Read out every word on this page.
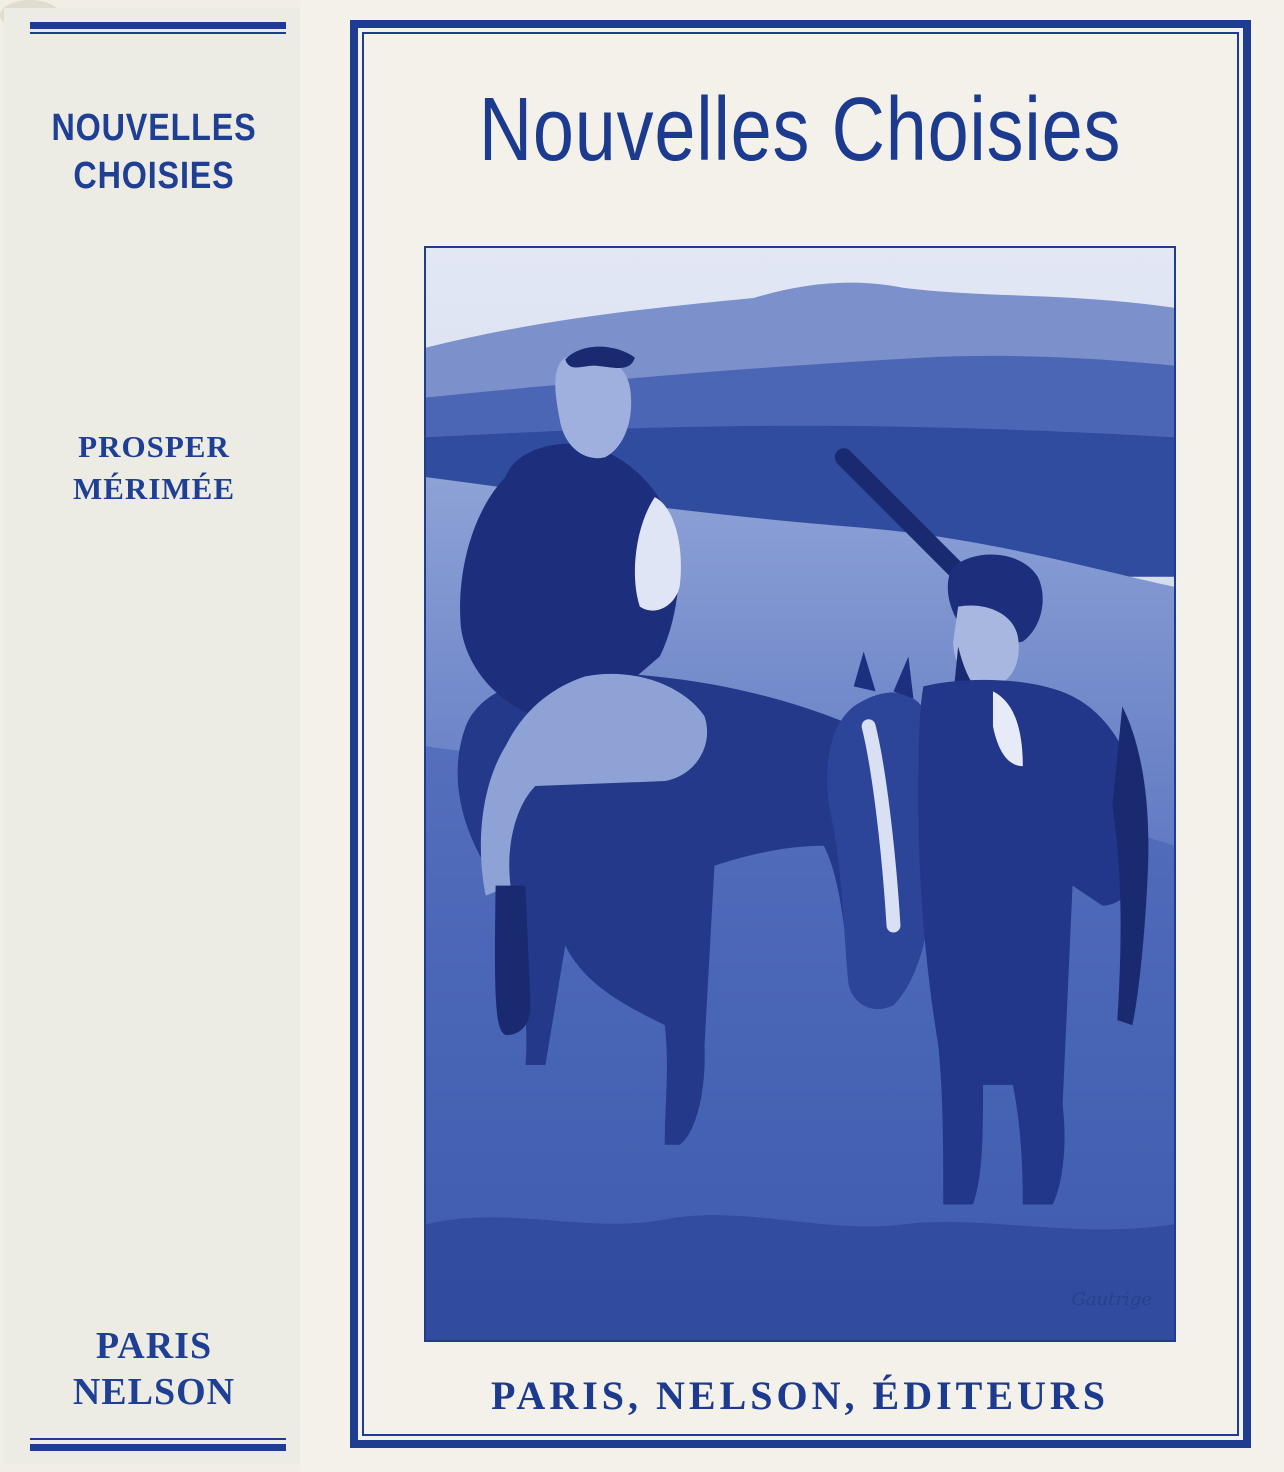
NOUVELLES
CHOISIES
PROSPER
MÉRIMÉE
PARIS
NELSON
Nouvelles Choisies
Gautrige
PARIS, NELSON, ÉDITEURS
